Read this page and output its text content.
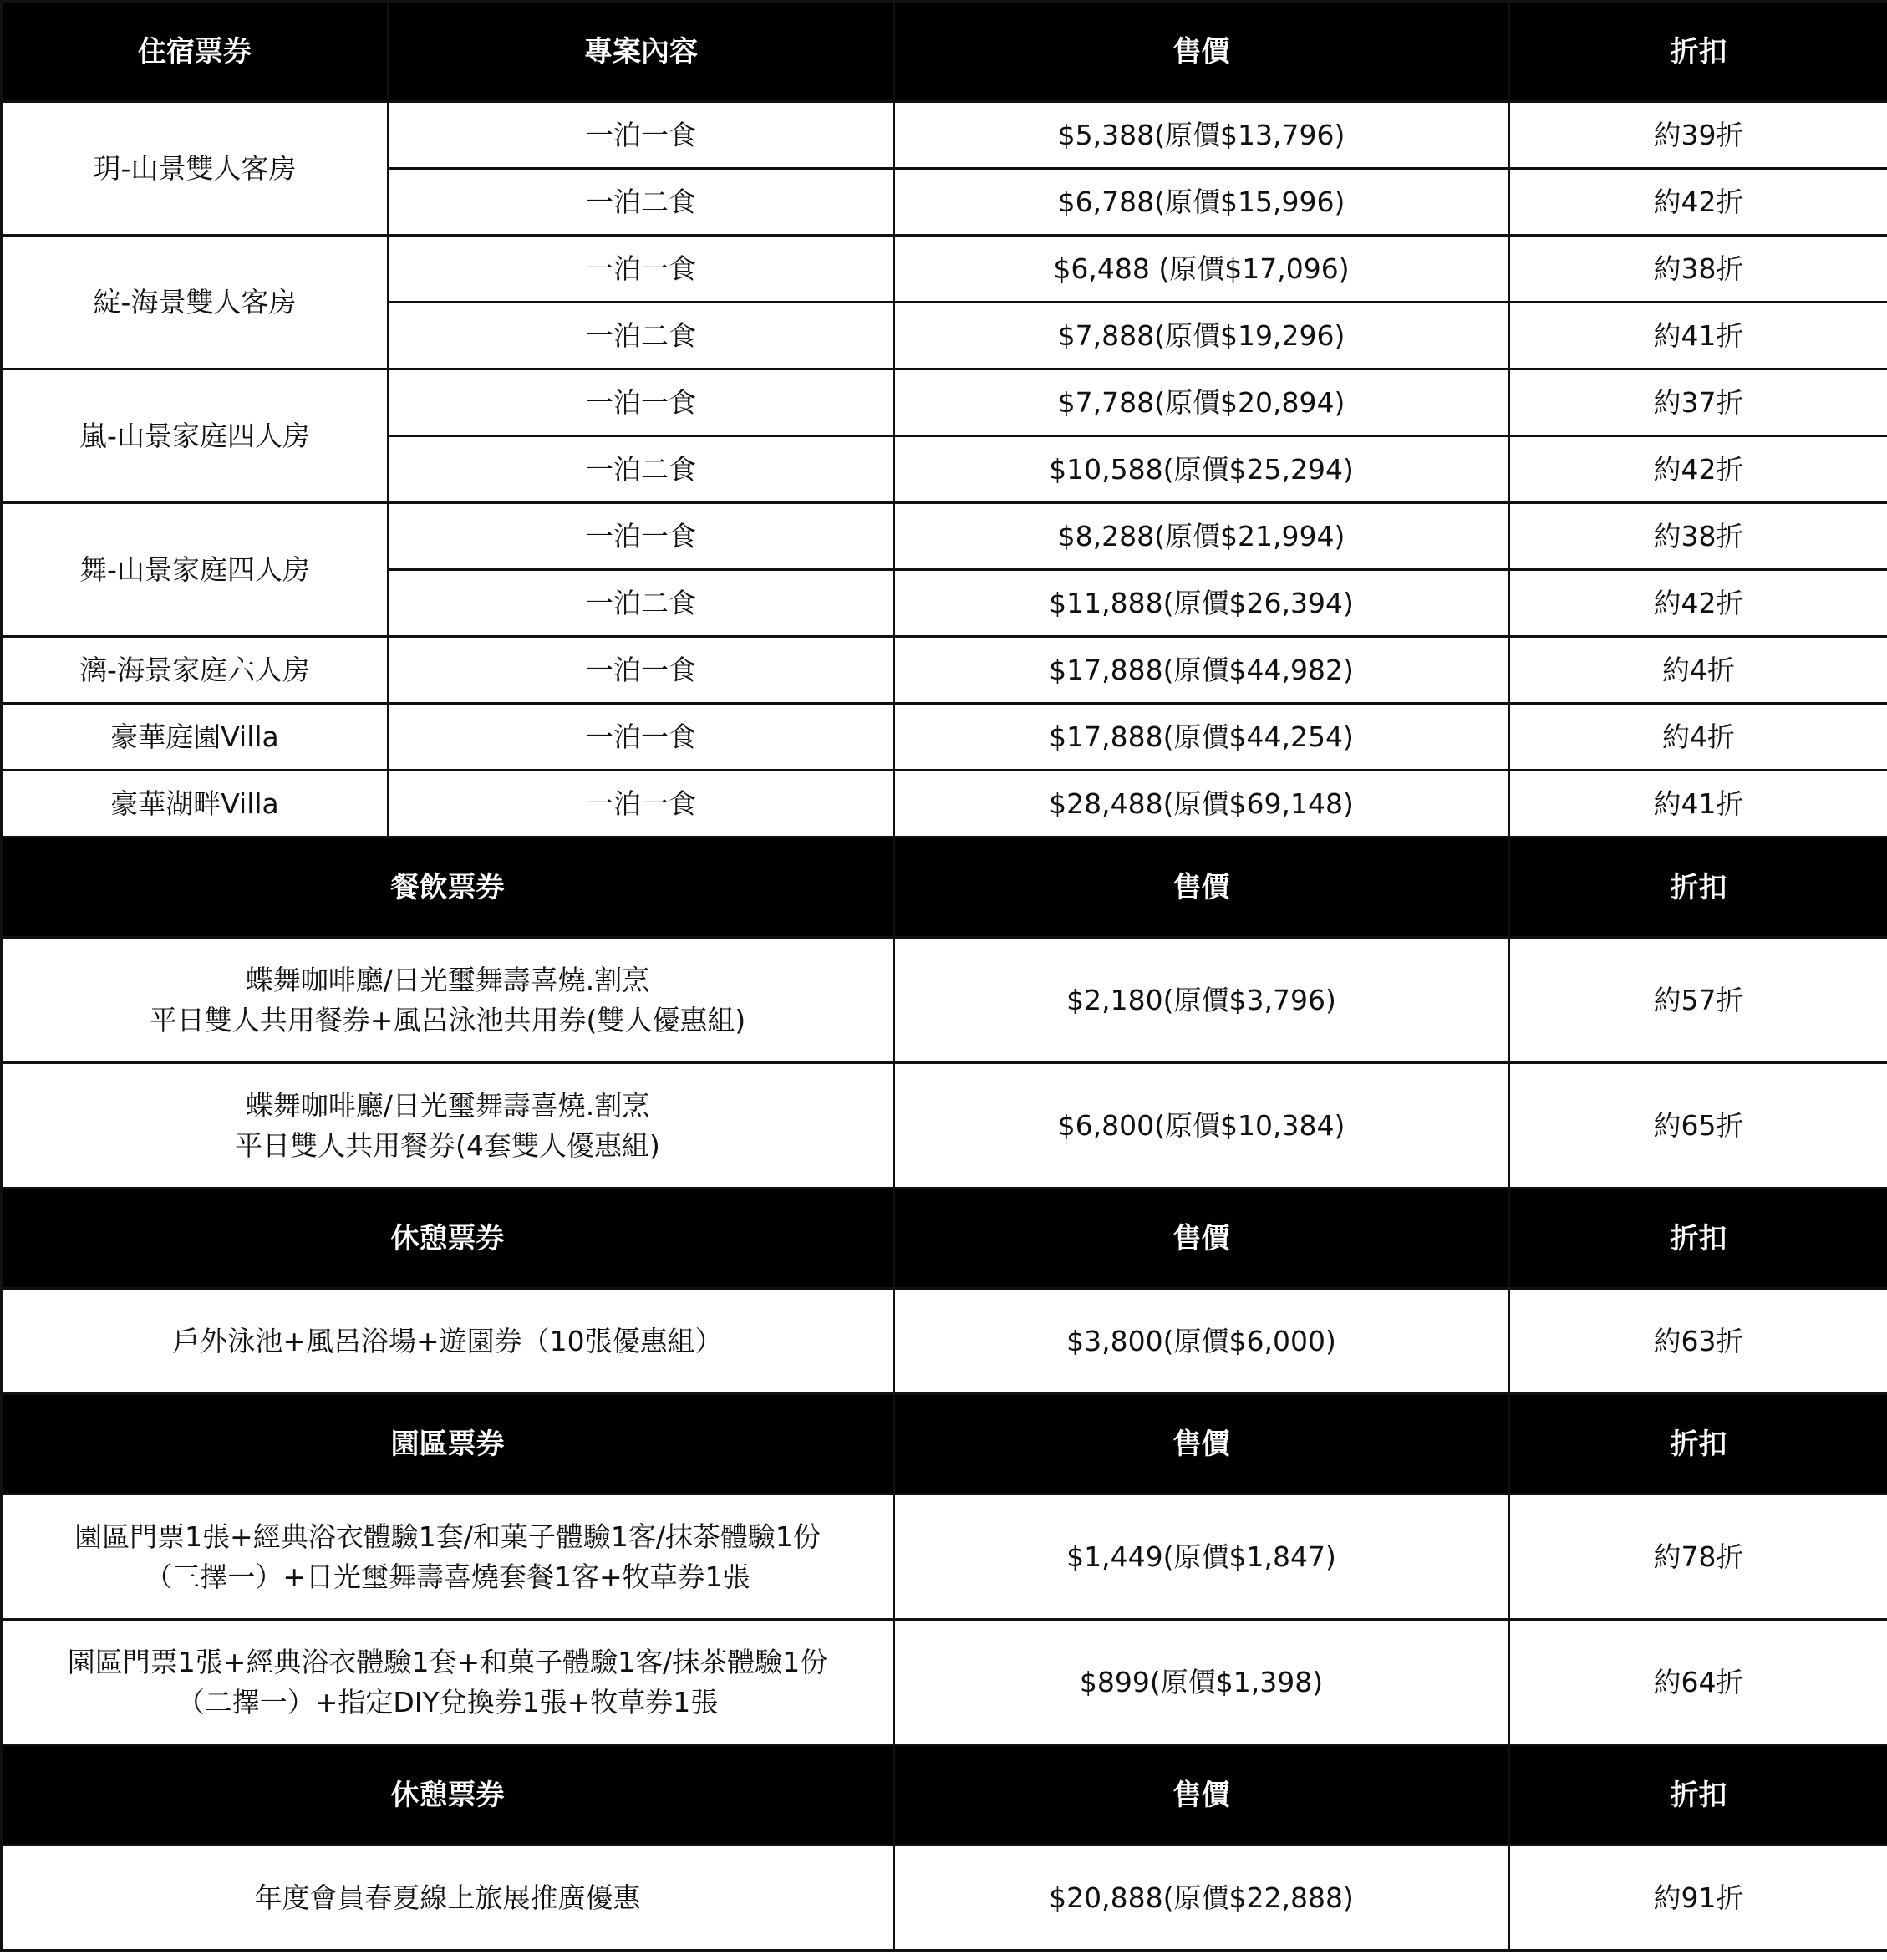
住宿票券	專案內容	售價	折扣
玥-山景雙人客房	一泊一食	$5,388(原價$13,796)	約39折
	一泊二食	$6,788(原價$15,996)	約42折
綻-海景雙人客房	一泊一食	$6,488 (原價$17,096)	約38折
	一泊二食	$7,888(原價$19,296)	約41折
嵐-山景家庭四人房	一泊一食	$7,788(原價$20,894)	約37折
	一泊二食	$10,588(原價$25,294)	約42折
舞-山景家庭四人房	一泊一食	$8,288(原價$21,994)	約38折
	一泊二食	$11,888(原價$26,394)	約42折
漓-海景家庭六人房	一泊一食	$17,888(原價$44,982)	約4折
豪華庭園Villa	一泊一食	$17,888(原價$44,254)	約4折
豪華湖畔Villa	一泊一食	$28,488(原價$69,148)	約41折
餐飲票券		售價	折扣

蝶舞咖啡廳/日光璽舞壽喜燒.割烹
平日雙人共用餐券+風呂泳池共用券(雙人優惠組)		$2,180(原價$3,796)	約57折

蝶舞咖啡廳/日光璽舞壽喜燒.割烹
平日雙人共用餐券(4套雙人優惠組)		$6,800(原價$10,384)	約65折
休憩票券		售價	折扣
戶外泳池+風呂浴場+遊園券（10張優惠組）		$3,800(原價$6,000)	約63折
園區票券		售價	折扣

園區門票1張+經典浴衣體驗1套/和菓子體驗1客/抹茶體驗1份
（三擇一）+日光璽舞壽喜燒套餐1客+牧草券1張		$1,449(原價$1,847)	約78折

園區門票1張+經典浴衣體驗1套+和菓子體驗1客/抹茶體驗1份
（二擇一）+指定DIY兌換券1張+牧草券1張		$899(原價$1,398)	約64折
休憩票券		售價	折扣
年度會員春夏線上旅展推廣優惠		$20,888(原價$22,888)	約91折
